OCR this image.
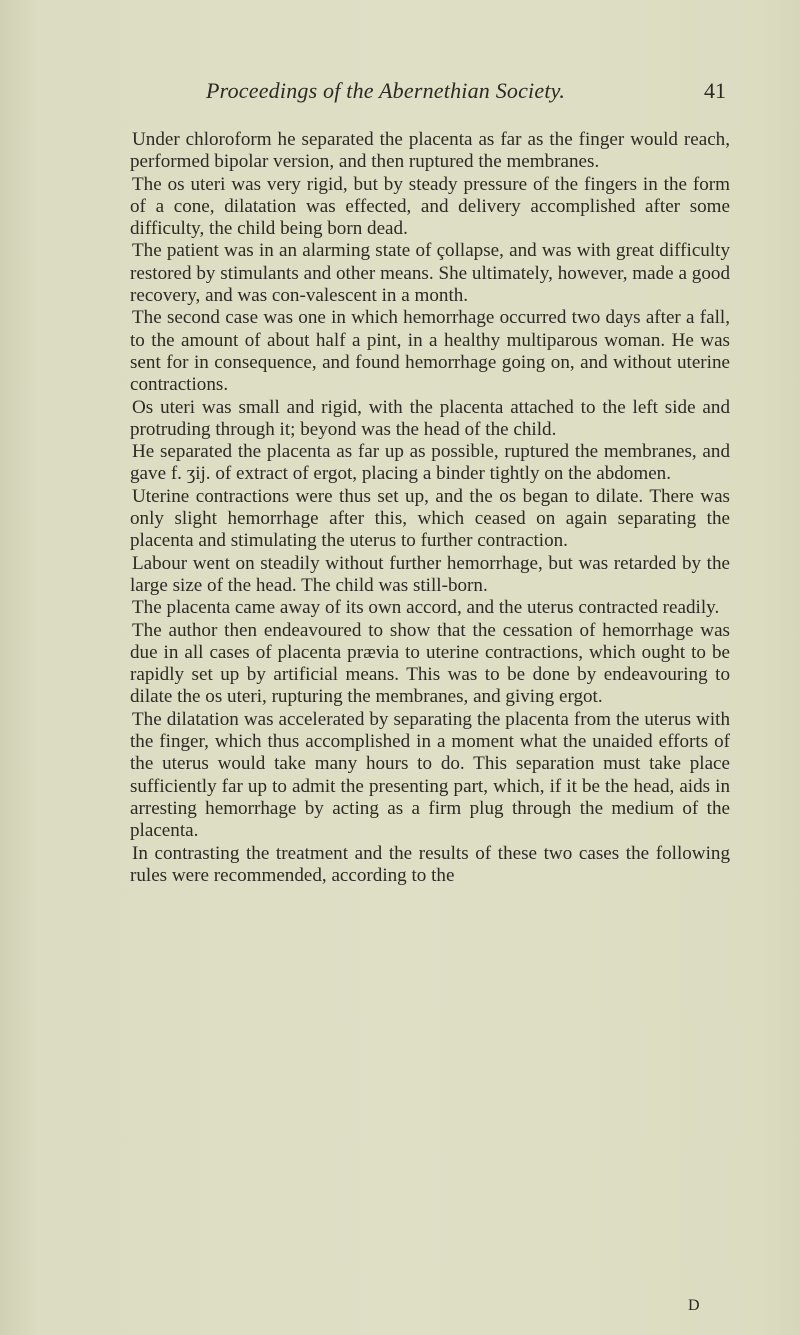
Proceedings of the Abernethian Society.	41

Under chloroform he separated the placenta as far as the finger would reach, performed bipolar version, and then ruptured the membranes.

The os uteri was very rigid, but by steady pressure of the fingers in the form of a cone, dilatation was effected, and delivery accomplished after some difficulty, the child being born dead.

The patient was in an alarming state of çollapse, and was with great difficulty restored by stimulants and other means. She ultimately, however, made a good recovery, and was con-valescent in a month.

The second case was one in which hemorrhage occurred two days after a fall, to the amount of about half a pint, in a healthy multiparous woman. He was sent for in consequence, and found hemorrhage going on, and without uterine contractions.

Os uteri was small and rigid, with the placenta attached to the left side and protruding through it; beyond was the head of the child.

He separated the placenta as far up as possible, ruptured the membranes, and gave f. ʒij. of extract of ergot, placing a binder tightly on the abdomen.

Uterine contractions were thus set up, and the os began to dilate. There was only slight hemorrhage after this, which ceased on again separating the placenta and stimulating the uterus to further contraction.

Labour went on steadily without further hemorrhage, but was retarded by the large size of the head. The child was still-born.

The placenta came away of its own accord, and the uterus contracted readily.

The author then endeavoured to show that the cessation of hemorrhage was due in all cases of placenta prævia to uterine contractions, which ought to be rapidly set up by artificial means. This was to be done by endeavouring to dilate the os uteri, rupturing the membranes, and giving ergot.

The dilatation was accelerated by separating the placenta from the uterus with the finger, which thus accomplished in a moment what the unaided efforts of the uterus would take many hours to do. This separation must take place sufficiently far up to admit the presenting part, which, if it be the head, aids in arresting hemorrhage by acting as a firm plug through the medium of the placenta.

In contrasting the treatment and the results of these two cases the following rules were recommended, according to the

D
